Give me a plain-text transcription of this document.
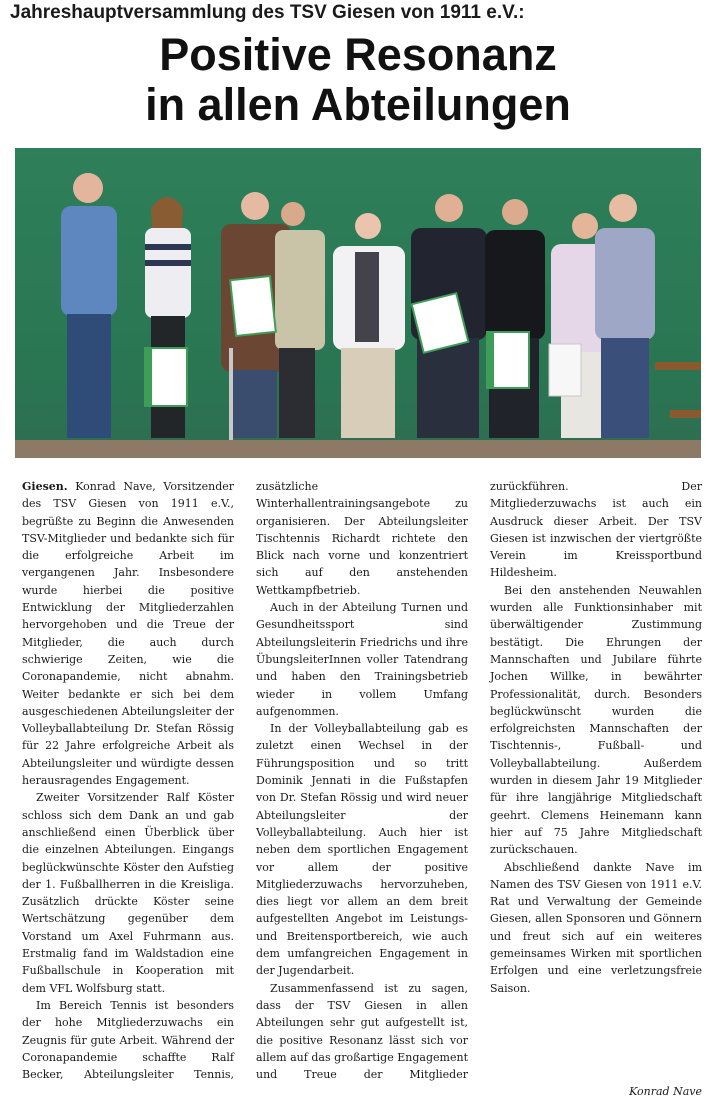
Jahreshauptversammlung des TSV Giesen von 1911 e.V.:
Positive Resonanz
in allen Abteilungen

Giesen. Konrad Nave, Vorsitzender des TSV Giesen von 1911 e.V., begrüßte zu Beginn die Anwesenden TSV-Mitglieder und bedankte sich für die erfolgreiche Arbeit im vergangenen Jahr. Insbesondere wurde hierbei die positive Entwicklung der Mitgliederzahlen hervorgehoben und die Treue der Mitglieder, die auch durch schwierige Zeiten, wie die Coronapandemie, nicht abnahm. Weiter bedankte er sich bei dem ausgeschiedenen Abteilungsleiter der Volleyballabteilung Dr. Stefan Rössig für 22 Jahre erfolgreiche Arbeit als Abteilungsleiter und würdigte dessen herausragendes Engagement.

Zweiter Vorsitzender Ralf Köster schloss sich dem Dank an und gab anschließend einen Überblick über die einzelnen Abteilungen. Eingangs beglückwünschte Köster den Aufstieg der 1. Fußballherren in die Kreisliga. Zusätzlich drückte Köster seine Wertschätzung gegenüber dem Vorstand um Axel Fuhrmann aus. Erstmalig fand im Waldstadion eine Fußballschule in Kooperation mit dem VFL Wolfsburg statt.

Im Bereich Tennis ist besonders der hohe Mitgliederzuwachs ein Zeugnis für gute Arbeit. Während der Coronapandemie schaffte Ralf Becker, Abteilungsleiter Tennis, zusätzliche Winterhallentrainingsangebote zu organisieren. Der Abteilungsleiter Tischtennis Richardt richtete den Blick nach vorne und konzentriert sich auf den anstehenden Wettkampfbetrieb.

Auch in der Abteilung Turnen und Gesundheitssport sind Abteilungsleiterin Friedrichs und ihre ÜbungsleiterInnen voller Tatendrang und haben den Trainingsbetrieb wieder in vollem Umfang aufgenommen.

In der Volleyballabteilung gab es zuletzt einen Wechsel in der Führungsposition und so tritt Dominik Jennati in die Fußstapfen von Dr. Stefan Rössig und wird neuer Abteilungsleiter der Volleyballabteilung. Auch hier ist neben dem sportlichen Engagement vor allem der positive Mitgliederzuwachs hervorzuheben, dies liegt vor allem an dem breit aufgestellten Angebot im Leistungs- und Breitensportbereich, wie auch dem umfangreichen Engagement in der Jugendarbeit.

Zusammenfassend ist zu sagen, dass der TSV Giesen in allen Abteilungen sehr gut aufgestellt ist, die positive Resonanz lässt sich vor allem auf das großartige Engagement und Treue der Mitglieder zurückführen. Der Mitgliederzuwachs ist auch ein Ausdruck dieser Arbeit. Der TSV Giesen ist inzwischen der viertgrößte Verein im Kreissportbund Hildesheim.

Bei den anstehenden Neuwahlen wurden alle Funktionsinhaber mit überwältigender Zustimmung bestätigt. Die Ehrungen der Mannschaften und Jubilare führte Jochen Willke, in bewährter Professionalität, durch. Besonders beglückwünscht wurden die erfolgreichsten Mannschaften der Tischtennis-, Fußball- und Volleyballabteilung. Außerdem wurden in diesem Jahr 19 Mitglieder für ihre langjährige Mitgliedschaft geehrt. Clemens Heinemann kann hier auf 75 Jahre Mitgliedschaft zurückschauen.

Abschließend dankte Nave im Namen des TSV Giesen von 1911 e.V. Rat und Verwaltung der Gemeinde Giesen, allen Sponsoren und Gönnern und freut sich auf ein weiteres gemeinsames Wirken mit sportlichen Erfolgen und eine verletzungsfreie Saison.

Konrad Nave
